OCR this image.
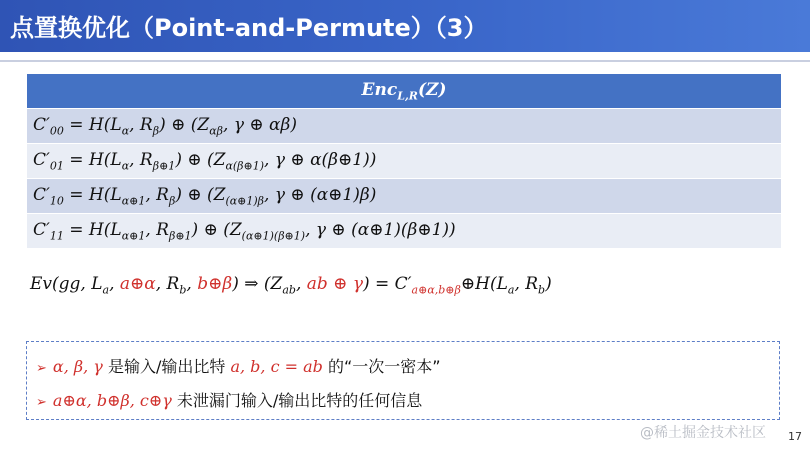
点置换优化（Point-and-Permute）（3）
Enc$_{L,R}$(Z)
$C'_{00} = H(L_\alpha$, $R_\beta$) ⊕ ($Z_{\alpha\beta}$, γ ⊕ αβ)
$C'_{01} = H(L_\alpha$, $R_{\beta\oplus 1}$) ⊕ ($Z_{\alpha(\beta\oplus 1)}$, γ ⊕ α(β⊕1))
$C'_{10} = H(L_{\alpha\oplus 1}$, $R_\beta$) ⊕ ($Z_{(\alpha\oplus 1)\beta}$, γ ⊕ (α⊕1)β)
$C'_{11} = H(L_{\alpha\oplus 1}$, $R_{\beta\oplus 1}$) ⊕ ($Z_{(\alpha\oplus 1)(\beta\oplus 1)}$, γ ⊕ (α⊕1)(β⊕1))
Ev(gg, $L_a$, a⊕α, $R_b$, b⊕β) ⇒ ($Z_{ab}$, ab ⊕ $\gamma) = C'_{a\oplus\alpha,b\oplus\beta}\oplus H(L_a$, $R_b$)
➢ α, β, γ 是输入/输出比特 a, b, c = ab 的“一次一密本”
➢ a⊕α, b⊕β, c⊕γ 未泄漏门输入/输出比特的任何信息
@稀土掘金技术社区 17
